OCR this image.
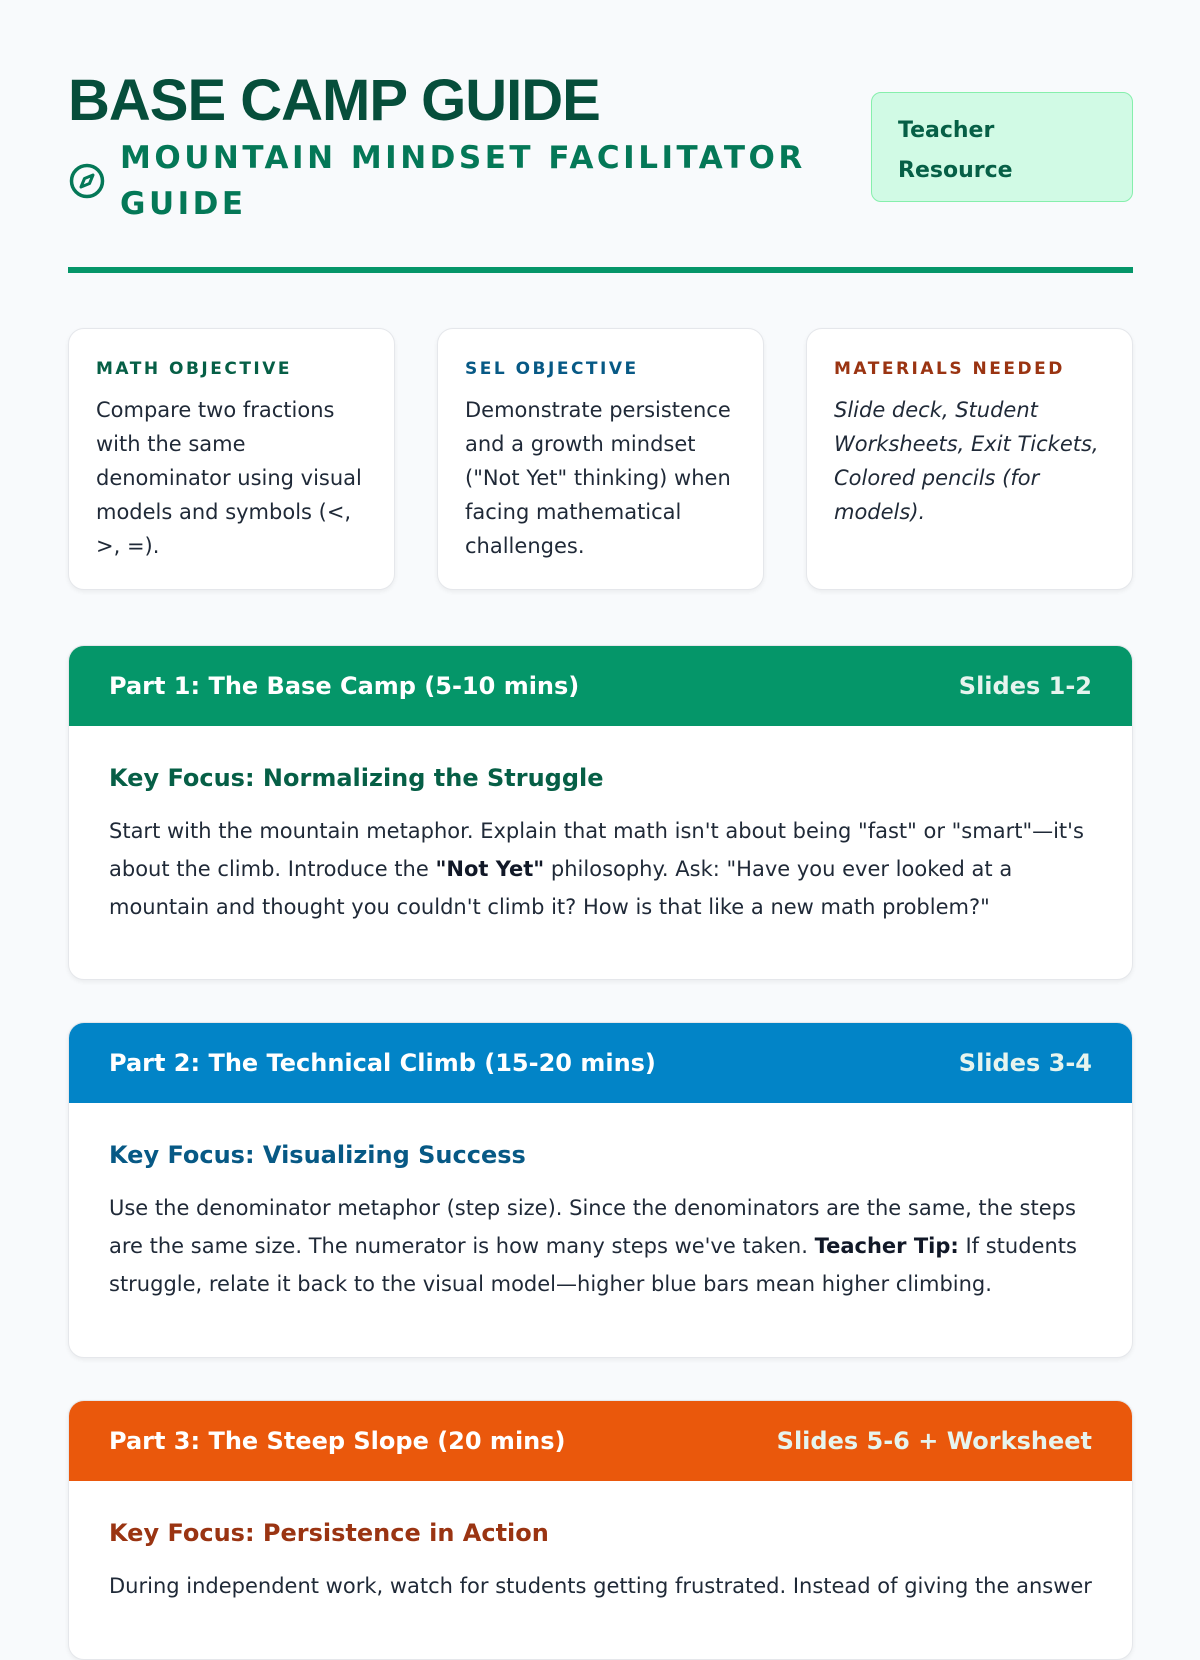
BASE CAMP GUIDE
MOUNTAIN MINDSET FACILITATOR GUIDE
Teacher Resource
MATH OBJECTIVE
Compare two fractions with the same denominator using visual models and symbols (<, >, =).
SEL OBJECTIVE
Demonstrate persistence and a growth mindset ("Not Yet" thinking) when facing mathematical challenges.
MATERIALS NEEDED
Slide deck, Student Worksheets, Exit Tickets, Colored pencils (for models).
Part 1: The Base Camp (5-10 mins)	Slides 1-2
Key Focus: Normalizing the Struggle

Start with the mountain metaphor. Explain that math isn't about being "fast" or "smart"—it's about the climb. Introduce the "Not Yet" philosophy. Ask: "Have you ever looked at a mountain and thought you couldn't climb it? How is that like a new math problem?"

Part 2: The Technical Climb (15-20 mins)	Slides 3-4
Key Focus: Visualizing Success

Use the denominator metaphor (step size). Since the denominators are the same, the steps are the same size. The numerator is how many steps we've taken. Teacher Tip: If students struggle, relate it back to the visual model—higher blue bars mean higher climbing.

Part 3: The Steep Slope (20 mins)	Slides 5-6 + Worksheet
Key Focus: Persistence in Action

During independent work, watch for students getting frustrated. Instead of giving the answer
